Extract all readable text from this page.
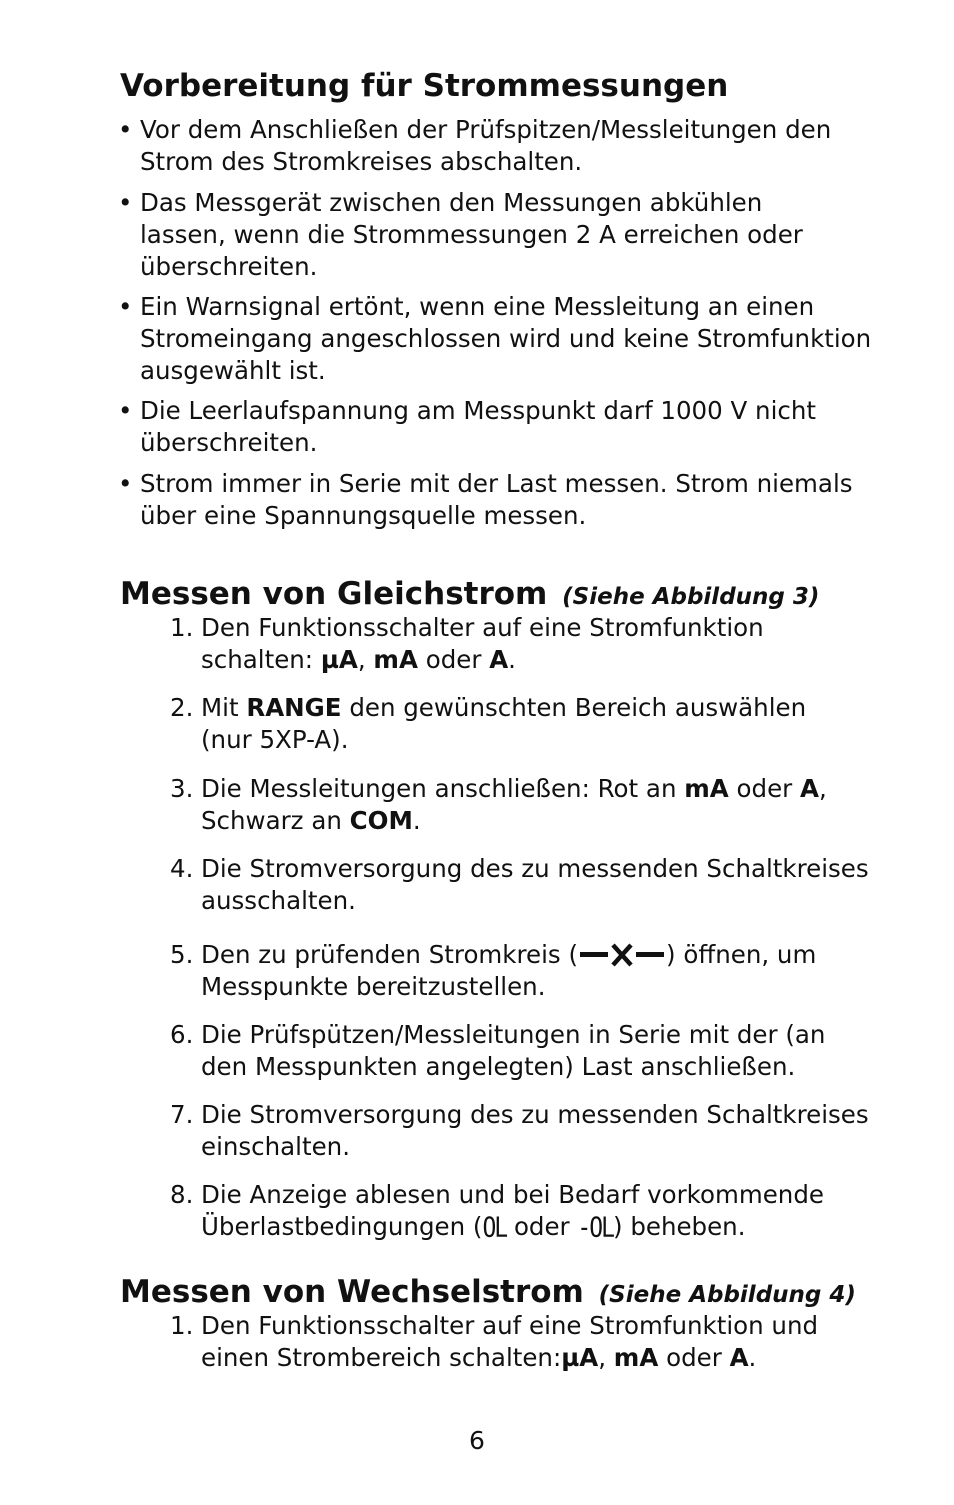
Vorbereitung für Strommessungen
• Vor dem Anschließen der Prüfspitzen/Messleitungen den Strom des Stromkreises abschalten.
• Das Messgerät zwischen den Messungen abkühlen lassen, wenn die Strommessungen 2 A erreichen oder überschreiten.
• Ein Warnsignal ertönt, wenn eine Messleitung an einen Stromeingang angeschlossen wird und keine Stromfunktion ausgewählt ist.
• Die Leerlaufspannung am Messpunkt darf 1000 V nicht überschreiten.
• Strom immer in Serie mit der Last messen. Strom niemals über eine Spannungsquelle messen.
Messen von Gleichstrom (Siehe Abbildung 3)
1. Den Funktionsschalter auf eine Stromfunktion schalten: µA, mA oder A.
2. Mit RANGE den gewünschten Bereich auswählen (nur 5XP-A).
3. Die Messleitungen anschließen: Rot an mA oder A, Schwarz an COM.
4. Die Stromversorgung des zu messenden Schaltkreises ausschalten.
5. Den zu prüfenden Stromkreis (	) öffnen, um Messpunkte bereitzustellen.
6. Die Prüfspützen/Messleitungen in Serie mit der (an den Messpunkten angelegten) Last anschließen.
7. Die Stromversorgung des zu messenden Schaltkreises einschalten.
8. Die Anzeige ablesen und bei Bedarf vorkommende Überlastbedingungen (OL oder -OL) beheben.
Messen von Wechselstrom (Siehe Abbildung 4)
1. Den Funktionsschalter auf eine Stromfunktion und einen Strombereich schalten:µA, mA oder A.
6
